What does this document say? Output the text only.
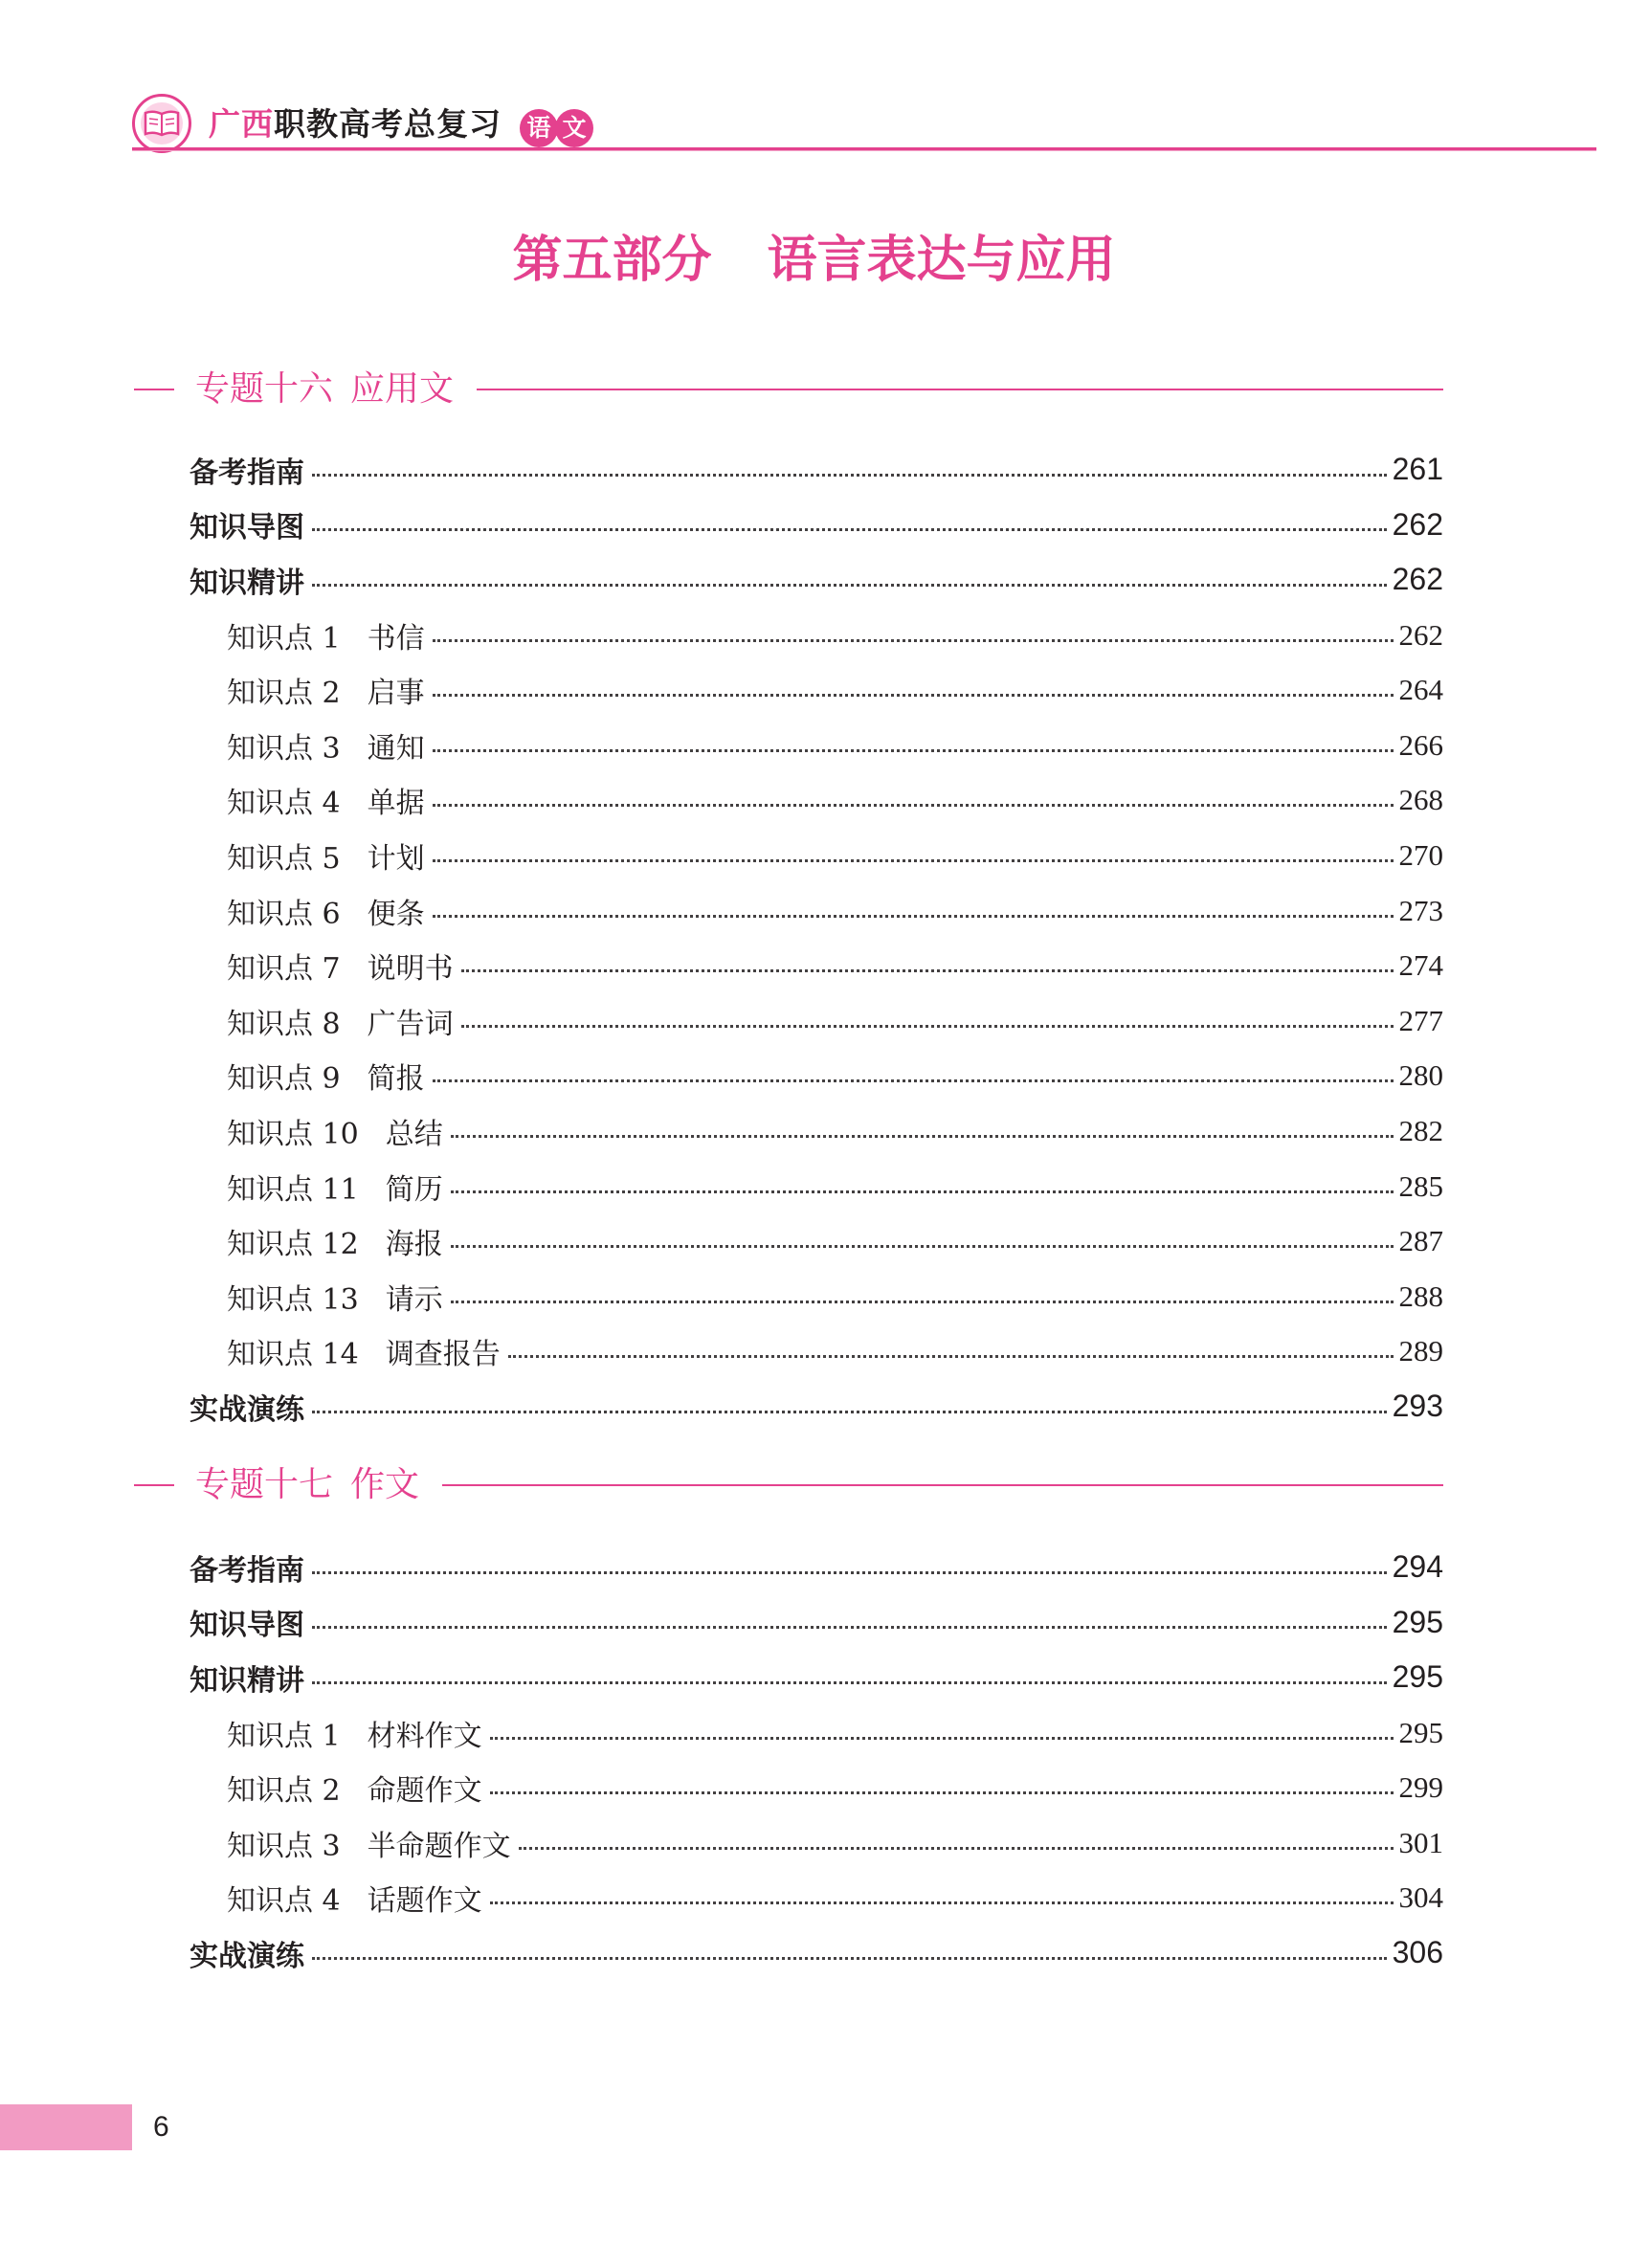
广西职教高考总复习 语 文
第五部分 语言表达与应用
专题十六 应用文
备考指南	261
知识导图	262
知识精讲	262
知识点 1 书信	262
知识点 2 启事	264
知识点 3 通知	266
知识点 4 单据	268
知识点 5 计划	270
知识点 6 便条	273
知识点 7 说明书	274
知识点 8 广告词	277
知识点 9 简报	280
知识点 10 总结	282
知识点 11 简历	285
知识点 12 海报	287
知识点 13 请示	288
知识点 14 调查报告	289
实战演练	293
专题十七 作文
备考指南	294
知识导图	295
知识精讲	295
知识点 1 材料作文	295
知识点 2 命题作文	299
知识点 3 半命题作文	301
知识点 4 话题作文	304
实战演练	306
6
